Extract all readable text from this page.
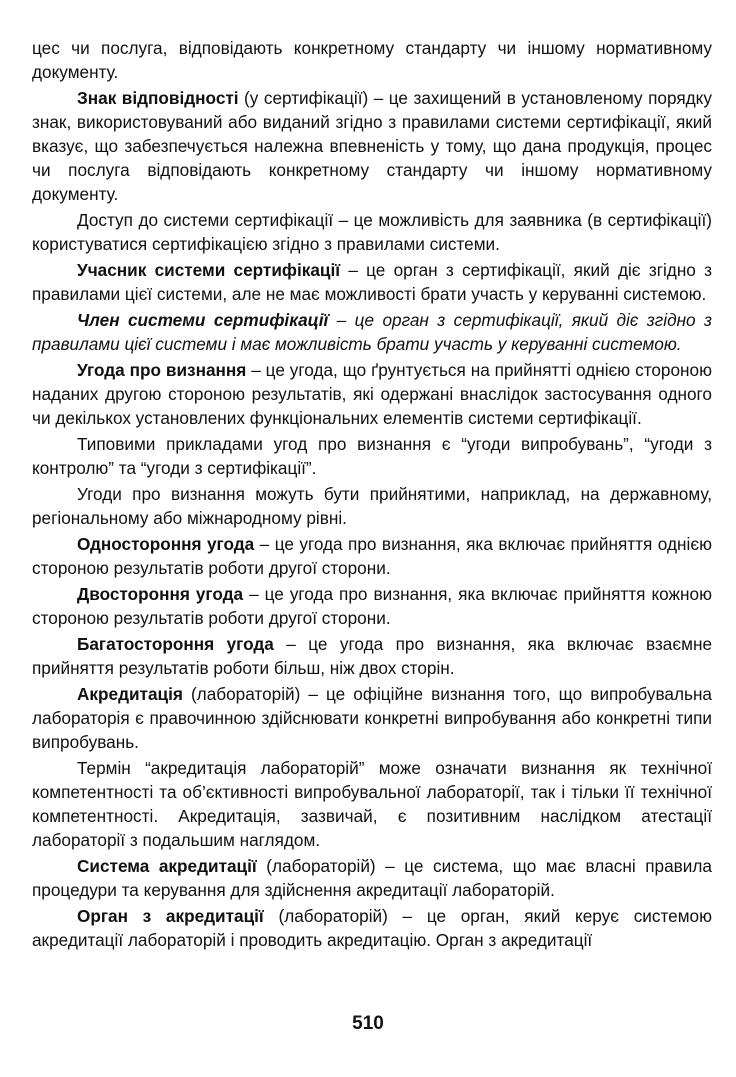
цес чи послуга, відповідають конкретному стандарту чи іншому нормативному документу.

Знак відповідності (у сертифікації) – це захищений в установленому порядку знак, використовуваний або виданий згідно з правилами системи сертифікації, який вказує, що забезпечується належна впевненість у тому, що дана продукція, процес чи послуга відповідають конкретному стандарту чи іншому нормативному документу.

Доступ до системи сертифікації – це можливість для заявника (в сертифікації) користуватися сертифікацією згідно з правилами системи.

Учасник системи сертифікації – це орган з сертифікації, який діє згідно з правилами цієї системи, але не має можливості брати участь у керуванні системою.

Член системи сертифікації – це орган з сертифікації, який діє згідно з правилами цієї системи і має можливість брати участь у керуванні системою.

Угода про визнання – це угода, що ґрунтується на прийнятті однією стороною наданих другою стороною результатів, які одержані внаслідок застосування одного чи декількох установлених функціональних елементів системи сертифікації.

Типовими прикладами угод про визнання є “угоди випробувань”, “угоди з контролю” та “угоди з сертифікації”.

Угоди про визнання можуть бути прийнятими, наприклад, на державному, регіональному або міжнародному рівні.

Одностороння угода – це угода про визнання, яка включає прийняття однією стороною результатів роботи другої сторони.

Двостороння угода – це угода про визнання, яка включає прийняття кожною стороною результатів роботи другої сторони.

Багатостороння угода – це угода про визнання, яка включає взаємне прийняття результатів роботи більш, ніж двох сторін.

Акредитація (лабораторій) – це офіційне визнання того, що випробувальна лабораторія є правочинною здійснювати конкретні випробування або конкретні типи випробувань.

Термін “акредитація лабораторій” може означати визнання як технічної компетентності та об’єктивності випробувальної лабораторії, так і тільки її технічної компетентності. Акредитація, зазвичай, є позитивним наслідком атестації лабораторії з подальшим наглядом.

Система акредитації (лабораторій) – це система, що має власні правила процедури та керування для здійснення акредитації лабораторій.

Орган з акредитації (лабораторій) – це орган, який керує системою акредитації лабораторій і проводить акредитацію. Орган з акредитації

510
